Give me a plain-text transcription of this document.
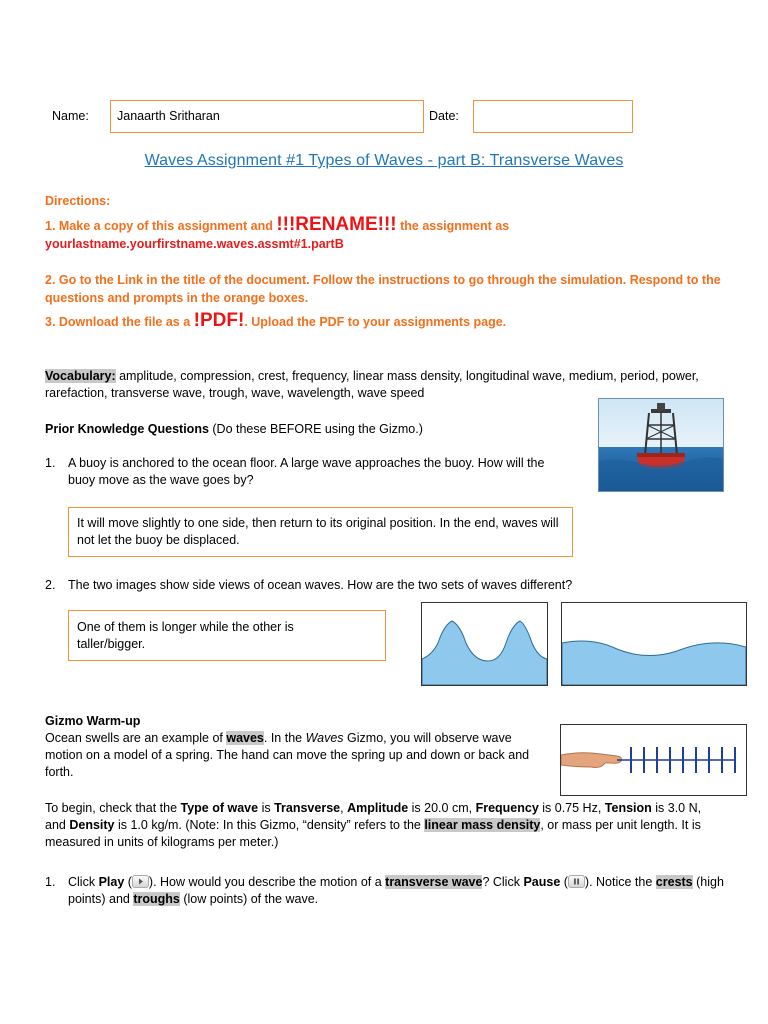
Name: Janaarth Sritharan	Date:
Waves Assignment #1 Types of Waves - part B: Transverse Waves
Directions:
1. Make a copy of this assignment and !!!RENAME!!! the assignment as
yourlastname.yourfirstname.waves.assmt#1.partB
2. Go to the Link in the title of the document. Follow the instructions to go through the simulation. Respond to the questions and prompts in the orange boxes.
3. Download the file as a !PDF!. Upload the PDF to your assignments page.
Vocabulary: amplitude, compression, crest, frequency, linear mass density, longitudinal wave, medium, period, power, rarefaction, transverse wave, trough, wave, wavelength, wave speed
Prior Knowledge Questions (Do these BEFORE using the Gizmo.)
1. A buoy is anchored to the ocean floor. A large wave approaches the buoy. How will the buoy move as the wave goes by?
It will move slightly to one side, then return to its original position. In the end, waves will not let the buoy be displaced.
2. The two images show side views of ocean waves. How are the two sets of waves different?
One of them is longer while the other is taller/bigger.
Gizmo Warm-up
Ocean swells are an example of waves. In the Waves Gizmo, you will observe wave motion on a model of a spring. The hand can move the spring up and down or back and forth.
To begin, check that the Type of wave is Transverse, Amplitude is 20.0 cm, Frequency is 0.75 Hz, Tension is 3.0 N, and Density is 1.0 kg/m. (Note: In this Gizmo, “density” refers to the linear mass density, or mass per unit length. It is measured in units of kilograms per meter.)
1. Click Play ( ). How would you describe the motion of a transverse wave? Click Pause ( ). Notice the crests (high points) and troughs (low points) of the wave.
